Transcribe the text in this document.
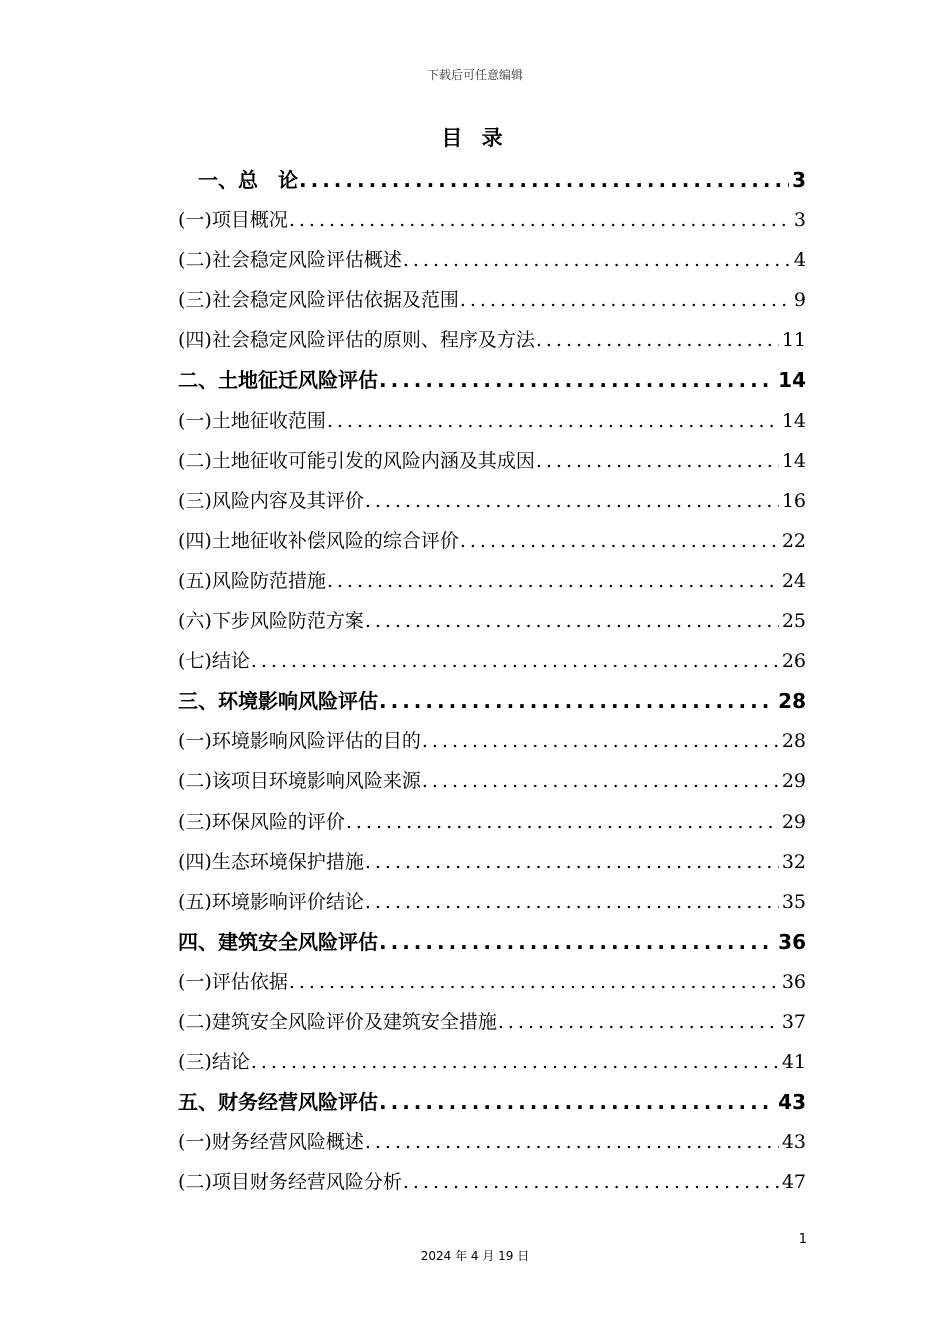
下载后可任意编辑
目 录
一、总　论 .....	3
(一)项目概况 .....	3
(二)社会稳定风险评估概述 .....	4
(三)社会稳定风险评估依据及范围 .....	9
(四)社会稳定风险评估的原则、程序及方法 .....	11
二、土地征迁风险评估 .....	14
(一)土地征收范围 .....	14
(二)土地征收可能引发的风险内涵及其成因 .....	14
(三)风险内容及其评价 .....	16
(四)土地征收补偿风险的综合评价 .....	22
(五)风险防范措施 .....	24
(六)下步风险防范方案 .....	25
(七)结论 .....	26
三、环境影响风险评估 .....	28
(一)环境影响风险评估的目的 .....	28
(二)该项目环境影响风险来源 .....	29
(三)环保风险的评价 .....	29
(四)生态环境保护措施 .....	32
(五)环境影响评价结论 .....	35
四、建筑安全风险评估 .....	36
(一)评估依据 .....	36
(二)建筑安全风险评价及建筑安全措施 .....	37
(三)结论 .....	41
五、财务经营风险评估 .....	43
(一)财务经营风险概述 .....	43
(二)项目财务经营风险分析 .....	47
1
2024 年 4 月 19 日
